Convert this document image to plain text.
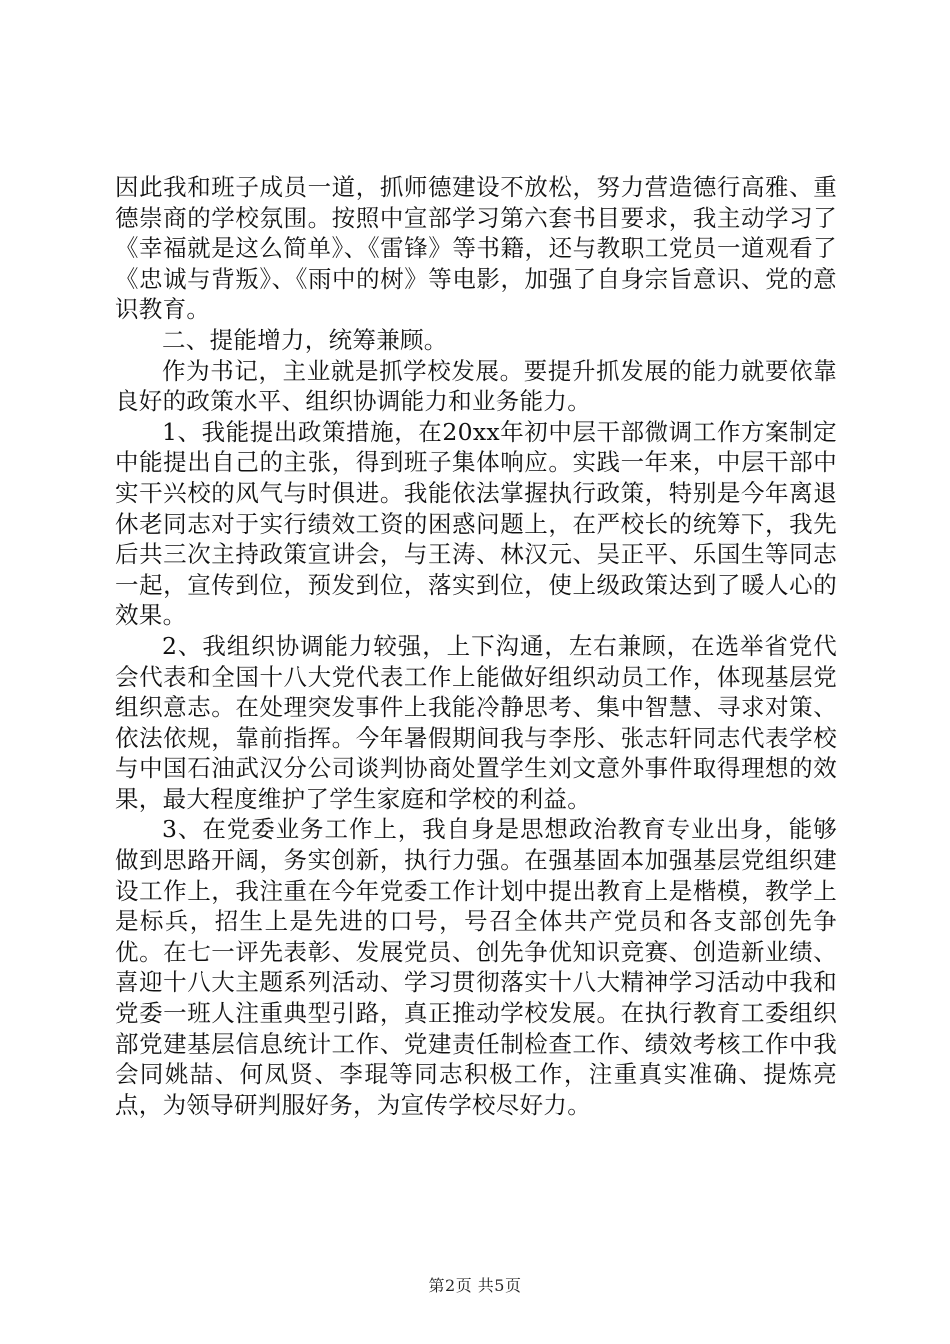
因此我和班子成员一道，抓师德建设不放松，努力营造德行高雅、重德崇商的学校氛围。按照中宣部学习第六套书目要求，我主动学习了《幸福就是这么简单》、《雷锋》等书籍，还与教职工党员一道观看了《忠诚与背叛》、《雨中的树》等电影，加强了自身宗旨意识、党的意识教育。

二、提能增力，统筹兼顾。

作为书记，主业就是抓学校发展。要提升抓发展的能力就要依靠良好的政策水平、组织协调能力和业务能力。

1、我能提出政策措施，在20xx年初中层干部微调工作方案制定中能提出自己的主张，得到班子集体响应。实践一年来，中层干部中实干兴校的风气与时俱进。我能依法掌握执行政策，特别是今年离退休老同志对于实行绩效工资的困惑问题上，在严校长的统筹下，我先后共三次主持政策宣讲会，与王涛、林汉元、吴正平、乐国生等同志一起，宣传到位，预发到位，落实到位，使上级政策达到了暖人心的效果。

2、我组织协调能力较强，上下沟通，左右兼顾，在选举省党代会代表和全国十八大党代表工作上能做好组织动员工作，体现基层党组织意志。在处理突发事件上我能冷静思考、集中智慧、寻求对策、依法依规，靠前指挥。今年暑假期间我与李彤、张志轩同志代表学校与中国石油武汉分公司谈判协商处置学生刘文意外事件取得理想的效果，最大程度维护了学生家庭和学校的利益。

3、在党委业务工作上，我自身是思想政治教育专业出身，能够做到思路开阔，务实创新，执行力强。在强基固本加强基层党组织建设工作上，我注重在今年党委工作计划中提出教育上是楷模，教学上是标兵，招生上是先进的口号，号召全体共产党员和各支部创先争优。在七一评先表彰、发展党员、创先争优知识竞赛、创造新业绩、喜迎十八大主题系列活动、学习贯彻落实十八大精神学习活动中我和党委一班人注重典型引路，真正推动学校发展。在执行教育工委组织部党建基层信息统计工作、党建责任制检查工作、绩效考核工作中我会同姚喆、何凤贤、李琨等同志积极工作，注重真实准确、提炼亮点，为领导研判服好务，为宣传学校尽好力。

第2页 共5页
